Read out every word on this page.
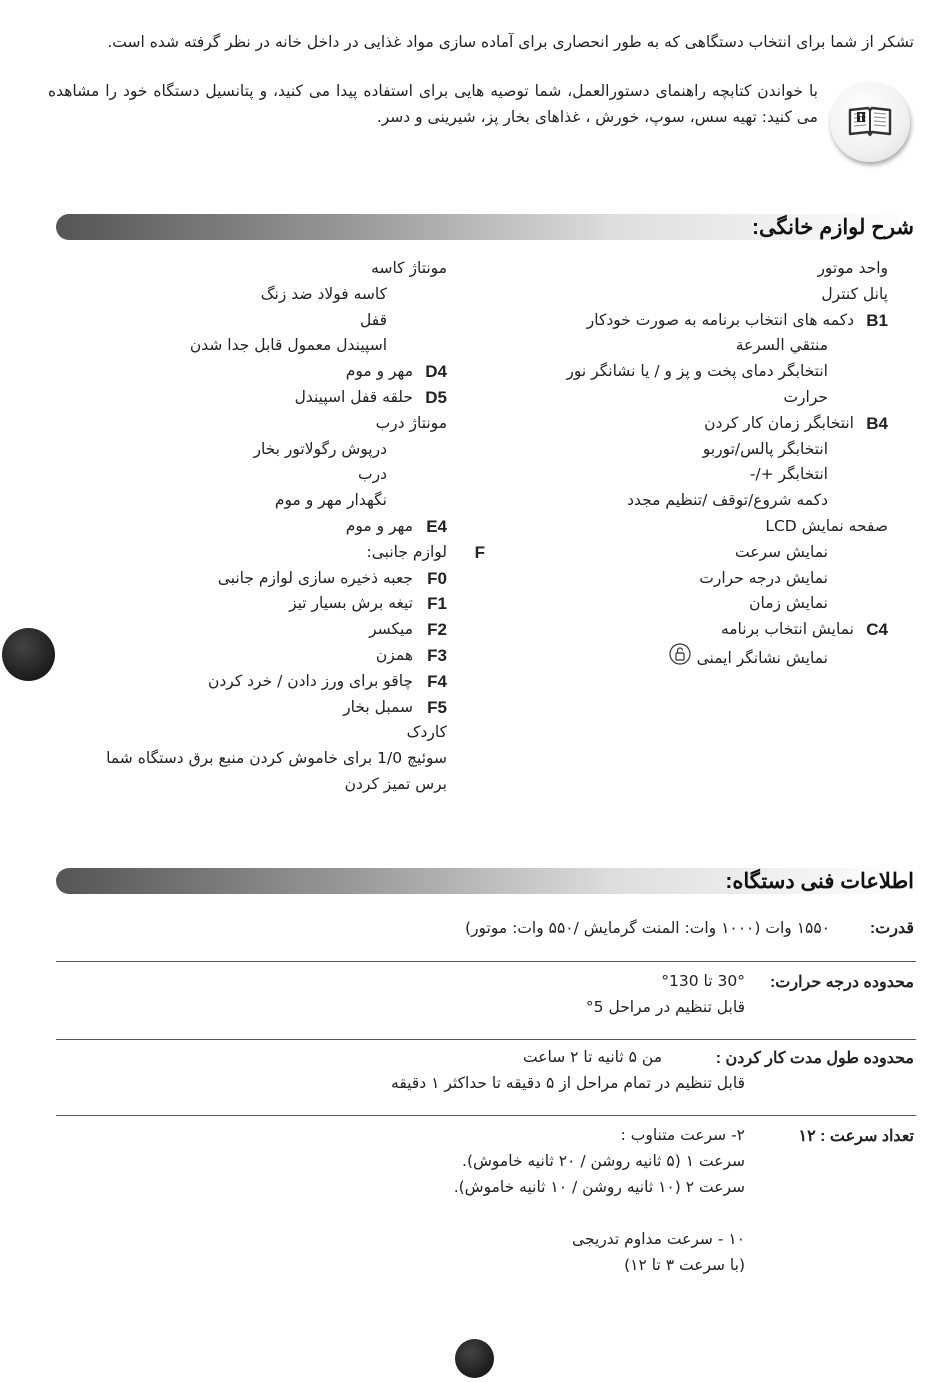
تشکر از شما برای انتخاب دستگاهی که به طور انحصاری برای آماده سازی مواد غذایی در داخل خانه در نظر گرفته شده است.
با خواندن کتابچه راهنمای دستورالعمل، شما توصیه هایی برای استفاده پیدا می کنید، و پتانسیل دستگاه خود را مشاهده می کنید: تهیه سس، سوپ، خورش ، غذاهای بخار پز، شیرینی و دسر.
شرح لوازم خانگی:
واحد موتور
پانل کنترل
B1
دکمه های انتخاب برنامه به صورت خودکار
منتقي السرعة
انتخابگر دمای پخت و پز و / یا نشانگر نور
حرارت
B4
انتخابگر زمان کار کردن
انتخابگر پالس/توربو
انتخابگر +/-
دکمه شروع/توقف /تنظیم مجدد
صفحه نمایش LCD
نمایش سرعت
نمایش درجه حرارت
نمایش زمان
C4
نمایش انتخاب برنامه
نمایش نشانگر ایمنی
مونتاژ کاسه
کاسه فولاد ضد زنگ
قفل
اسپیندل معمول قابل جدا شدن
D4
مهر و موم
D5
حلقه قفل اسپیندل
مونتاژ درب
درپوش رگولاتور بخار
درب
نگهدار مهر و موم
E4
مهر و موم
F
لوازم جانبی:
F0
جعبه ذخیره سازی لوازم جانبی
F1
تیغه برش بسیار تیز
F2
میکسر
F3
همزن
F4
چاقو برای ورز دادن / خرد کردن
F5
سمبل بخار
کاردک
سوئیچ 1/0 برای خاموش کردن منبع برق دستگاه شما
برس تمیز کردن
اطلاعات فنی دستگاه:
قدرت:
۱۵۵۰ وات (۱۰۰۰ وات: المنت گرمایش /۵۵۰ وات: موتور)
محدوده درجه حرارت:
30° تا 130°
قابل تنظیم در مراحل 5°
محدوده طول مدت کار کردن :
من ۵ ثانیه تا ۲ ساعت
قابل تنظیم در تمام مراحل از ۵ دقیقه تا حداکثر ۱ دقیقه
تعداد سرعت : ۱۲
۲- سرعت متناوب :
سرعت ۱ (۵ ثانیه روشن / ۲۰ ثانیه خاموش).
سرعت ۲ (۱۰ ثانیه روشن / ۱۰ ثانیه خاموش).
۱۰ - سرعت مداوم تدریجی
(با سرعت ۳ تا ۱۲)
